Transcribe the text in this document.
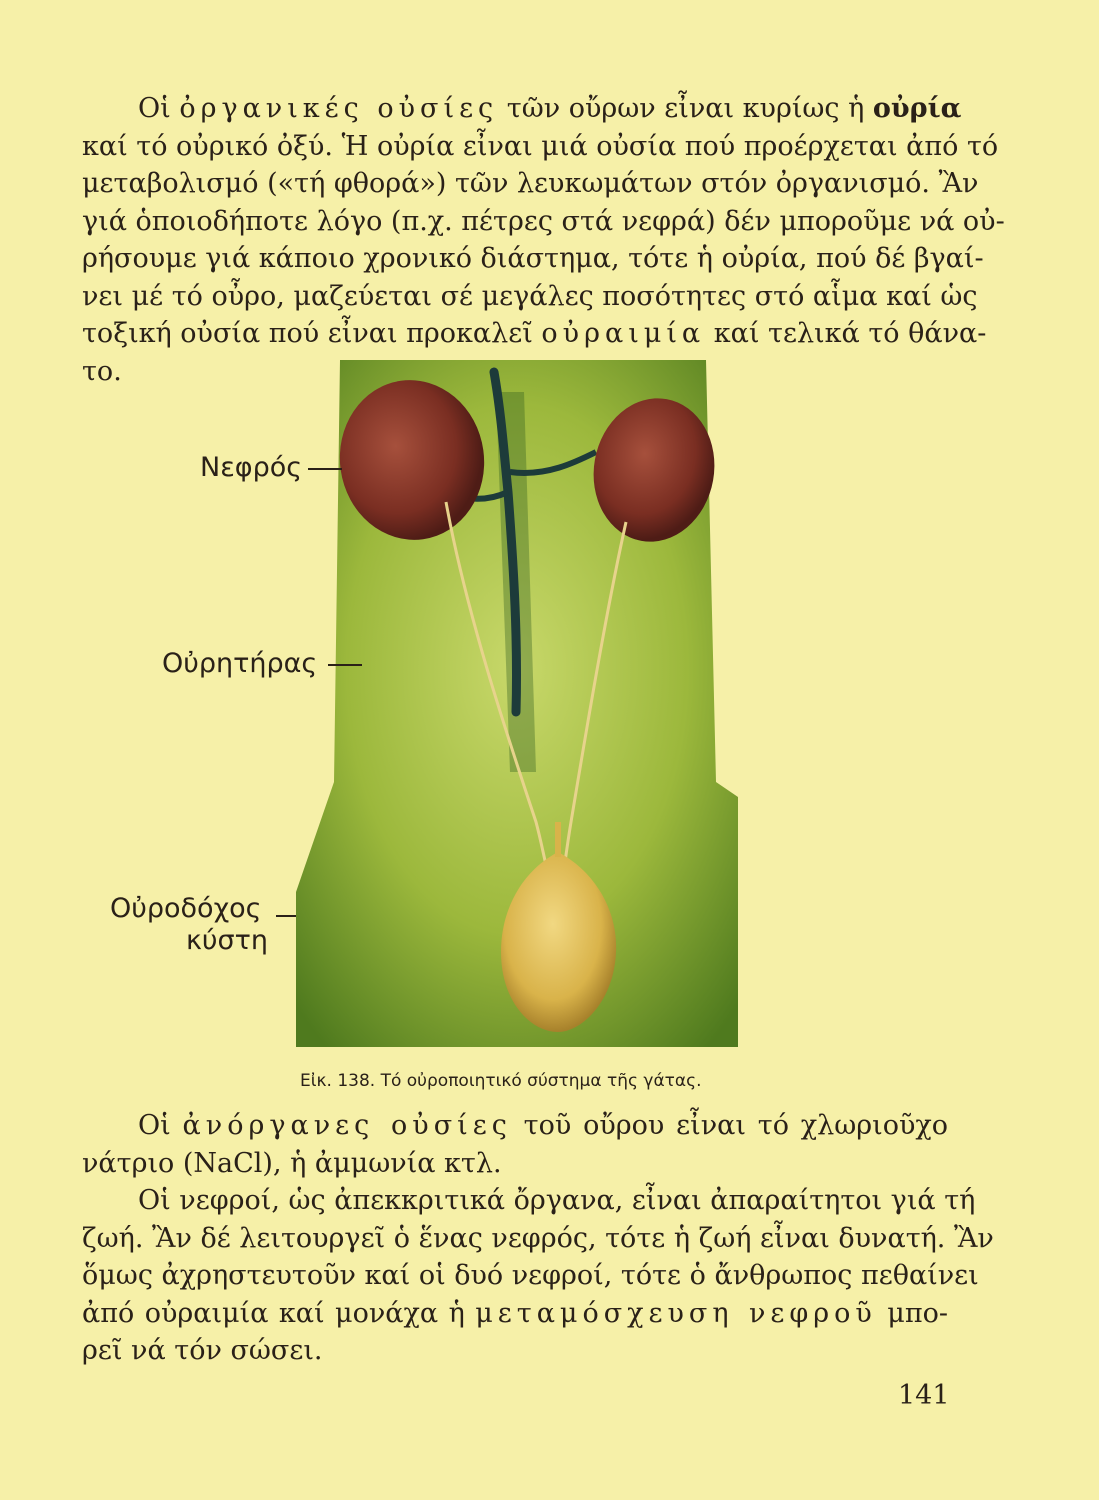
Οἱ ὀργανικές οὐσίες τῶν οὔρων εἶναι κυρίως ἡ οὐρία
καί τό οὐρικό ὀξύ. Ἡ οὐρία εἶναι μιά οὐσία πού προέρχεται ἀπό τό
μεταβολισμό («τή φθορά») τῶν λευκωμάτων στόν ὀργανισμό. Ἂν
γιά ὁποιοδήποτε λόγο (π.χ. πέτρες στά νεφρά) δέν μποροῦμε νά οὐ-
ρήσουμε γιά κάποιο χρονικό διάστημα, τότε ἡ οὐρία, πού δέ βγαί-
νει μέ τό οὖρο, μαζεύεται σέ μεγάλες ποσότητες στό αἷμα καί ὡς
τοξική οὐσία πού εἶναι προκαλεῖ οὐραιμία καί τελικά τό θάνα-
το.
Νεφρός
Οὐρητήρας
Οὐροδόχος
κύστη
Εἰκ. 138. Τό οὐροποιητικό σύστημα τῆς γάτας.
Οἱ ἀνόργανες οὐσίες τοῦ οὔρου εἶναι τό χλωριοῦχο
νάτριο (NaCl), ἡ ἀμμωνία κτλ.
Οἱ νεφροί, ὡς ἀπεκκριτικά ὄργανα, εἶναι ἀπαραίτητοι γιά τή
ζωή. Ἂν δέ λειτουργεῖ ὁ ἕνας νεφρός, τότε ἡ ζωή εἶναι δυνατή. Ἂν
ὅμως ἀχρηστευτοῦν καί οἱ δυό νεφροί, τότε ὁ ἄνθρωπος πεθαίνει
ἀπό οὐραιμία καί μονάχα ἡ μεταμόσχευση νεφροῦ μπο-
ρεῖ νά τόν σώσει.
141
